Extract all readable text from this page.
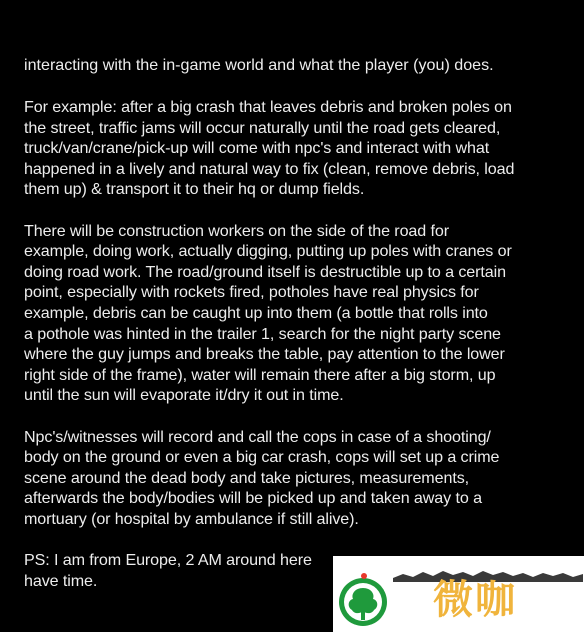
interacting with the in-game world and what the player (you) does.
For example: after a big crash that leaves debris and broken poles on
the street, traffic jams will occur naturally until the road gets cleared,
truck/van/crane/pick-up will come with npc's and interact with what
happened in a lively and natural way to fix (clean, remove debris, load
them up) & transport it to their hq or dump fields.
There will be construction workers on the side of the road for
example, doing work, actually digging, putting up poles with cranes or
doing road work. The road/ground itself is destructible up to a certain
point, especially with rockets fired, potholes have real physics for
example, debris can be caught up into them (a bottle that rolls into
a pothole was hinted in the trailer 1, search for the night party scene
where the guy jumps and breaks the table, pay attention to the lower
right side of the frame), water will remain there after a big storm, up
until the sun will evaporate it/dry it out in time.
Npc's/witnesses will record and call the cops in case of a shooting/
body on the ground or even a big car crash, cops will set up a crime
scene around the dead body and take pictures, measurements,
afterwards the body/bodies will be picked up and taken away to a
mortuary (or hospital by ambulance if still alive).
PS: I am from Europe, 2 AM around here
have time.	微咖
